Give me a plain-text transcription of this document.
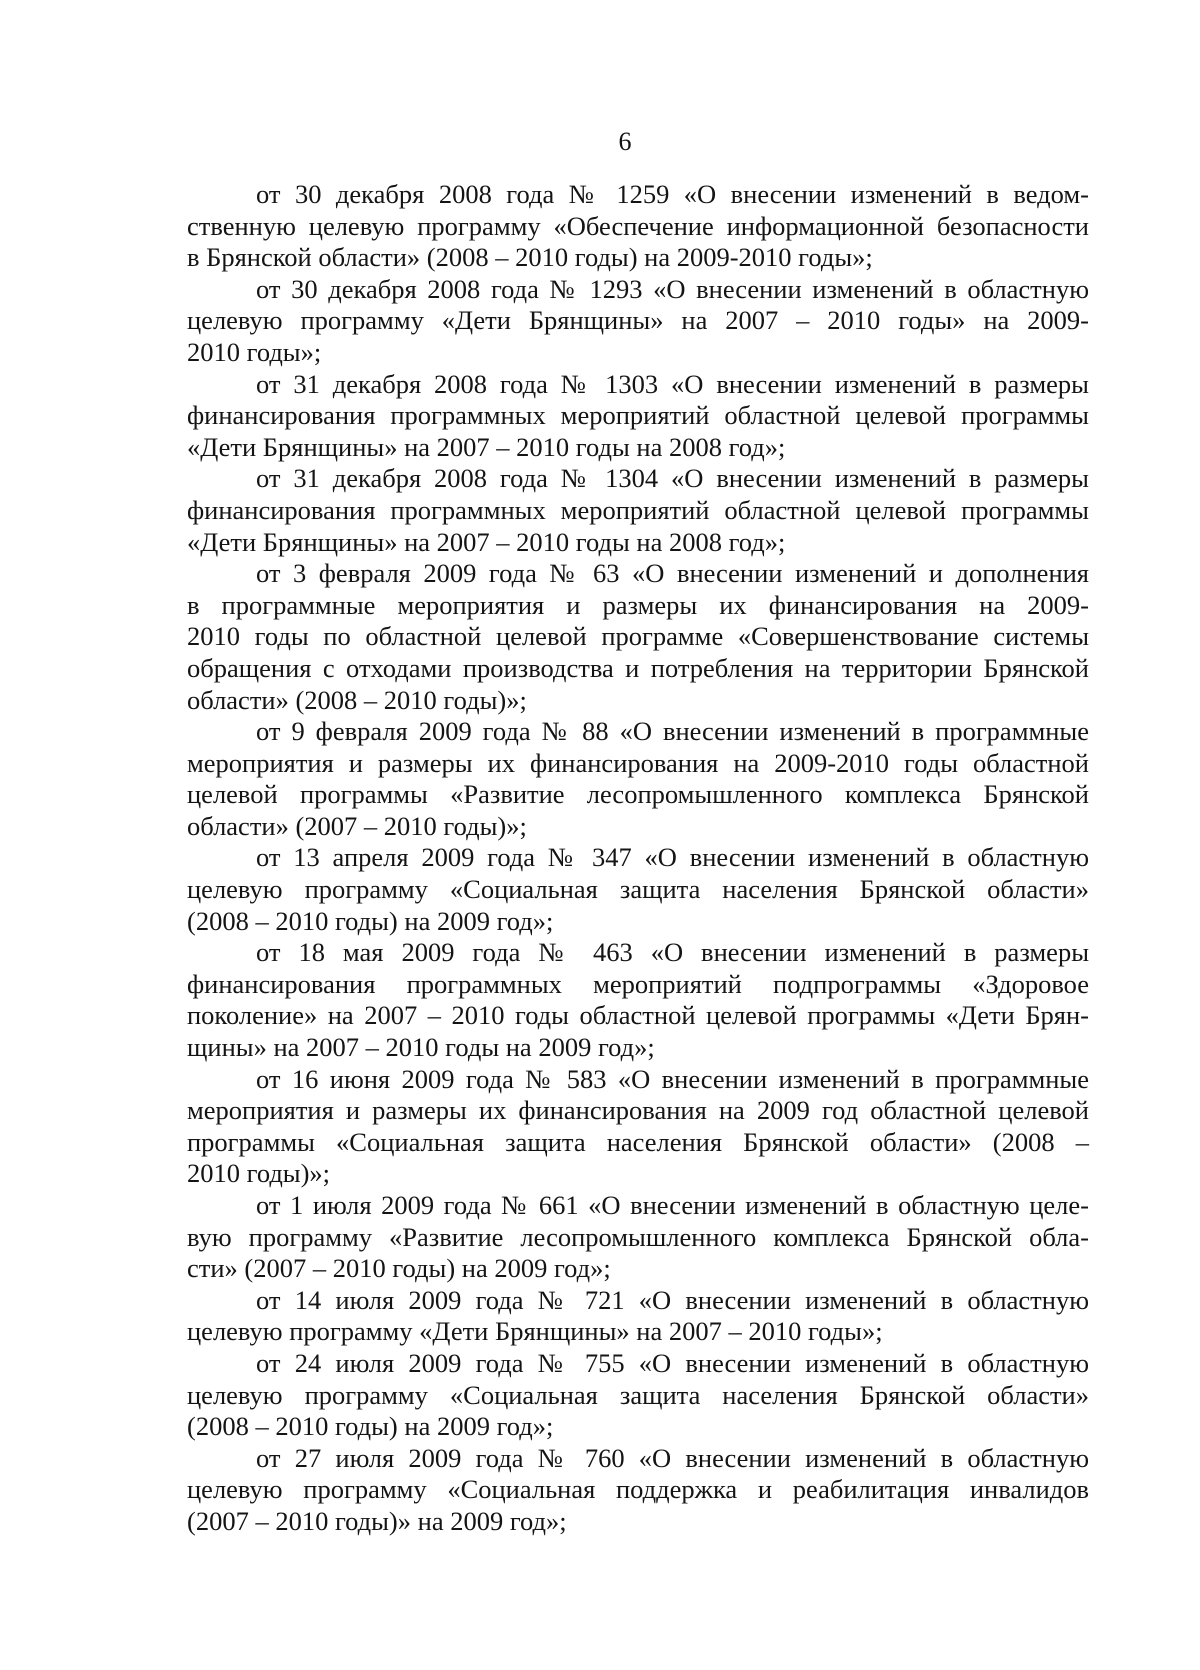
6
от 30 декабря 2008 года № 1259 «О внесении изменений в ведом-
ственную целевую программу «Обеспечение информационной безопасности
в Брянской области» (2008 – 2010 годы) на 2009-2010 годы»;
от 30 декабря 2008 года № 1293 «О внесении изменений в областную
целевую программу «Дети Брянщины» на 2007 – 2010 годы» на 2009-
2010 годы»;
от 31 декабря 2008 года № 1303 «О внесении изменений в размеры
финансирования программных мероприятий областной целевой программы
«Дети Брянщины» на 2007 – 2010 годы на 2008 год»;
от 31 декабря 2008 года № 1304 «О внесении изменений в размеры
финансирования программных мероприятий областной целевой программы
«Дети Брянщины» на 2007 – 2010 годы на 2008 год»;
от 3 февраля 2009 года № 63 «О внесении изменений и дополнения
в программные мероприятия и размеры их финансирования на 2009-
2010 годы по областной целевой программе «Совершенствование системы
обращения с отходами производства и потребления на территории Брянской
области» (2008 – 2010 годы)»;
от 9 февраля 2009 года № 88 «О внесении изменений в программные
мероприятия и размеры их финансирования на 2009-2010 годы областной
целевой программы «Развитие лесопромышленного комплекса Брянской
области» (2007 – 2010 годы)»;
от 13 апреля 2009 года № 347 «О внесении изменений в областную
целевую программу «Социальная защита населения Брянской области»
(2008 – 2010 годы) на 2009 год»;
от 18 мая 2009 года № 463 «О внесении изменений в размеры
финансирования программных мероприятий подпрограммы «Здоровое
поколение» на 2007 – 2010 годы областной целевой программы «Дети Брян-
щины» на 2007 – 2010 годы на 2009 год»;
от 16 июня 2009 года № 583 «О внесении изменений в программные
мероприятия и размеры их финансирования на 2009 год областной целевой
программы «Социальная защита населения Брянской области» (2008 –
2010 годы)»;
от 1 июля 2009 года № 661 «О внесении изменений в областную целе-
вую программу «Развитие лесопромышленного комплекса Брянской обла-
сти» (2007 – 2010 годы) на 2009 год»;
от 14 июля 2009 года № 721 «О внесении изменений в областную
целевую программу «Дети Брянщины» на 2007 – 2010 годы»;
от 24 июля 2009 года № 755 «О внесении изменений в областную
целевую программу «Социальная защита населения Брянской области»
(2008 – 2010 годы) на 2009 год»;
от 27 июля 2009 года № 760 «О внесении изменений в областную
целевую программу «Социальная поддержка и реабилитация инвалидов
(2007 – 2010 годы)» на 2009 год»;
